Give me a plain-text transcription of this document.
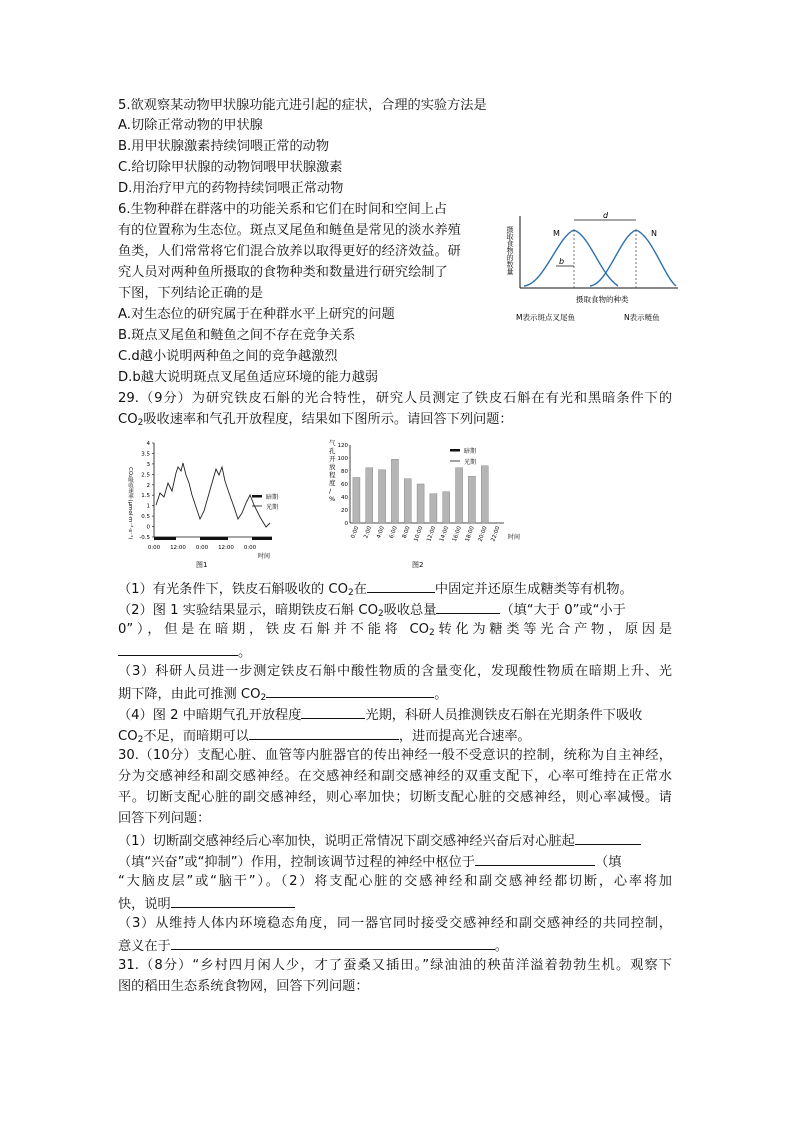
5.欲观察某动物甲状腺功能亢进引起的症状，合理的实验方法是
A.切除正常动物的甲状腺
B.用甲状腺激素持续饲喂正常的动物
C.给切除甲状腺的动物饲喂甲状腺激素
D.用治疗甲亢的药物持续饲喂正常动物
6.生物种群在群落中的功能关系和它们在时间和空间上占
有的位置称为生态位。斑点叉尾鱼和鲢鱼是常见的淡水养殖
鱼类，人们常常将它们混合放养以取得更好的经济效益。研
究人员对两种鱼所摄取的食物种类和数量进行研究绘制了
下图，下列结论正确的是
A.对生态位的研究属于在种群水平上研究的问题
B.斑点叉尾鱼和鲢鱼之间不存在竞争关系
C.d越小说明两种鱼之间的竞争越激烈
D.b越大说明斑点叉尾鱼适应环境的能力越弱
摄取食物的数量
d
b
M	N
摄取食物的种类
M表示斑点叉尾鱼	N表示鲢鱼
29.（9分）为研究铁皮石斛的光合特性，研究人员测定了铁皮石斛在有光和黑暗条件下的
$CO_2$吸收速率和气孔开放程度，结果如下图所示。请回答下列问题：
CO₂吸收速率(μmol·m⁻²·s⁻¹)
4
3.5
3
2.5
2
1.5
1
0.5
0
-0.5
暗期
光期
0:00 12:00 0:00 12:00 0:00
时间
图1
气
孔
开
放
程
度
/
%
120
100
80
60
40
20
0
0:00 2:00 4:00 6:00 8:00 10:00 12:00 14:00 16:00 18:00 20:00 22:00
暗期
光期
时间
图2
（1）有光条件下，铁皮石斛吸收的 $CO_2$在	中固定并还原生成糖类等有机物。
（2）图 1 实验结果显示，暗期铁皮石斛 $CO_2$吸收总量	（填“大于 0”或“小于
0”），但是在暗期，铁皮石斛并不能将 $CO_2$转化为糖类等光合产物，原因是
。
（3）科研人员进一步测定铁皮石斛中酸性物质的含量变化，发现酸性物质在暗期上升、光
期下降，由此可推测 $CO_2$	。
（4）图 2 中暗期气孔开放程度	光期，科研人员推测铁皮石斛在光期条件下吸收
$CO_2$不足，而暗期可以	，进而提高光合速率。
30.（10分）支配心脏、血管等内脏器官的传出神经一般不受意识的控制，统称为自主神经，
分为交感神经和副交感神经。在交感神经和副交感神经的双重支配下，心率可维持在正常水
平。切断支配心脏的副交感神经，则心率加快；切断支配心脏的交感神经，则心率减慢。请
回答下列问题：
（1）切断副交感神经后心率加快，说明正常情况下副交感神经兴奋后对心脏起
（填“兴奋”或“抑制”）作用，控制该调节过程的神经中枢位于	（填
“大脑皮层”或“脑干”）。（2）将支配心脏的交感神经和副交感神经都切断，心率将加
快，说明
（3）从维持人体内环境稳态角度，同一器官同时接受交感神经和副交感神经的共同控制，
意义在于	。
31.（8分）“乡村四月闲人少，才了蚕桑又插田。”绿油油的秧苗洋溢着勃勃生机。观察下
图的稻田生态系统食物网，回答下列问题：
